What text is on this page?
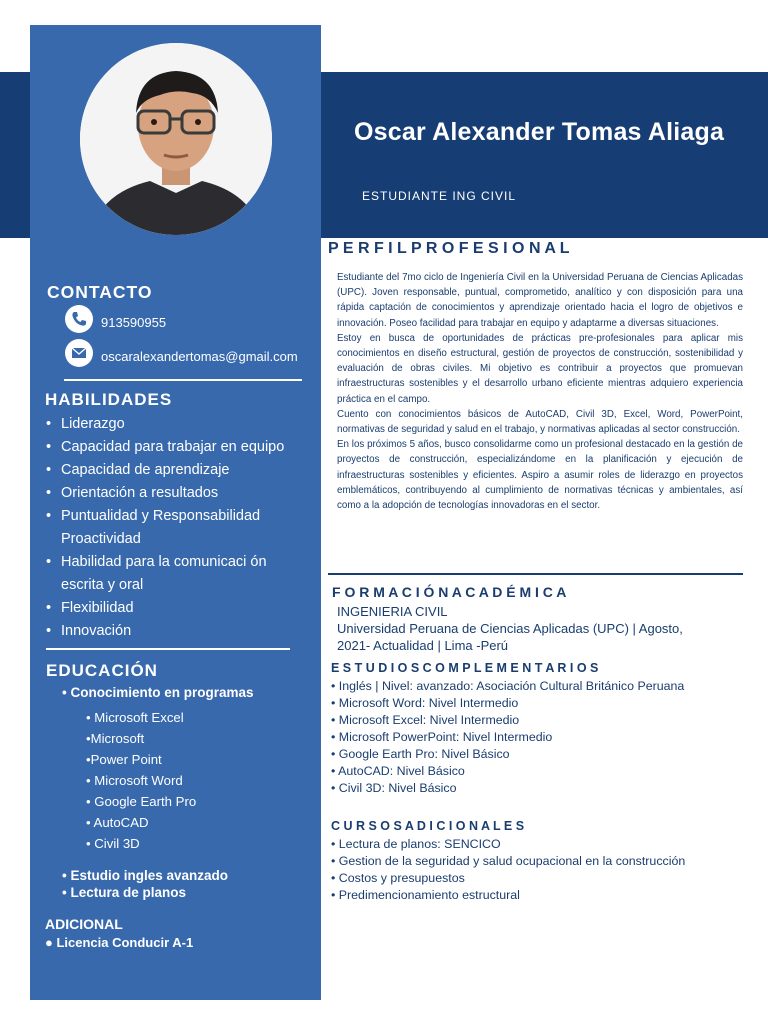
Oscar Alexander Tomas Aliaga
ESTUDIANTE ING CIVIL
CONTACTO
913590955
oscaralexandertomas@gmail.com
HABILIDADES
• Liderazgo
• Capacidad para trabajar en equipo
• Capacidad de aprendizaje
• Orientación a resultados
• Puntualidad y Responsabilidad Proactividad
• Habilidad para la comunicaci ón escrita y oral
• Flexibilidad
• Innovación
EDUCACIÓN
• Conocimiento en programas
• Microsoft Excel
•Microsoft
•Power Point
• Microsoft Word
• Google Earth Pro
• AutoCAD
• Civil 3D
• Estudio ingles avanzado
• Lectura de planos
ADICIONAL
● Licencia Conducir A-1
P E R F I L P R O F E S I O N A L

Estudiante del 7mo ciclo de Ingeniería Civil en la Universidad Peruana de Ciencias Aplicadas (UPC). Joven responsable, puntual, comprometido, analítico y con disposición para una rápida captación de conocimientos y aprendizaje orientado hacia el logro de objetivos e innovación. Poseo facilidad para trabajar en equipo y adaptarme a diversas situaciones.

Estoy en busca de oportunidades de prácticas pre-profesionales para aplicar mis conocimientos en diseño estructural, gestión de proyectos de construcción, sostenibilidad y evaluación de obras civiles. Mi objetivo es contribuir a proyectos que promuevan infraestructuras sostenibles y el desarrollo urbano eficiente mientras adquiero experiencia práctica en el campo.

Cuento con conocimientos básicos de AutoCAD, Civil 3D, Excel, Word, PowerPoint, normativas de seguridad y salud en el trabajo, y normativas aplicadas al sector construcción.

En los próximos 5 años, busco consolidarme como un profesional destacado en la gestión de proyectos de construcción, especializándome en la planificación y ejecución de infraestructuras sostenibles y eficientes. Aspiro a asumir roles de liderazgo en proyectos emblemáticos, contribuyendo al cumplimiento de normativas técnicas y ambientales, así como a la adopción de tecnologías innovadoras en el sector.

F O R M A C I Ó N A C A D É M I C A
INGENIERIA CIVIL
Universidad Peruana de Ciencias Aplicadas (UPC) | Agosto,
2021- Actualidad | Lima -Perú
E S T U D I O S C O M P L E M E N T A R I O S
• Inglés | Nivel: avanzado: Asociación Cultural Británico Peruana
• Microsoft Word: Nivel Intermedio
• Microsoft Excel: Nivel Intermedio
• Microsoft PowerPoint: Nivel Intermedio
• Google Earth Pro: Nivel Básico
• AutoCAD: Nivel Básico
• Civil 3D: Nivel Básico
C U R S O S A D I C I O N A L E S
• Lectura de planos: SENCICO
• Gestion de la seguridad y salud ocupacional en la construcción
• Costos y presupuestos
• Predimencionamiento estructural
